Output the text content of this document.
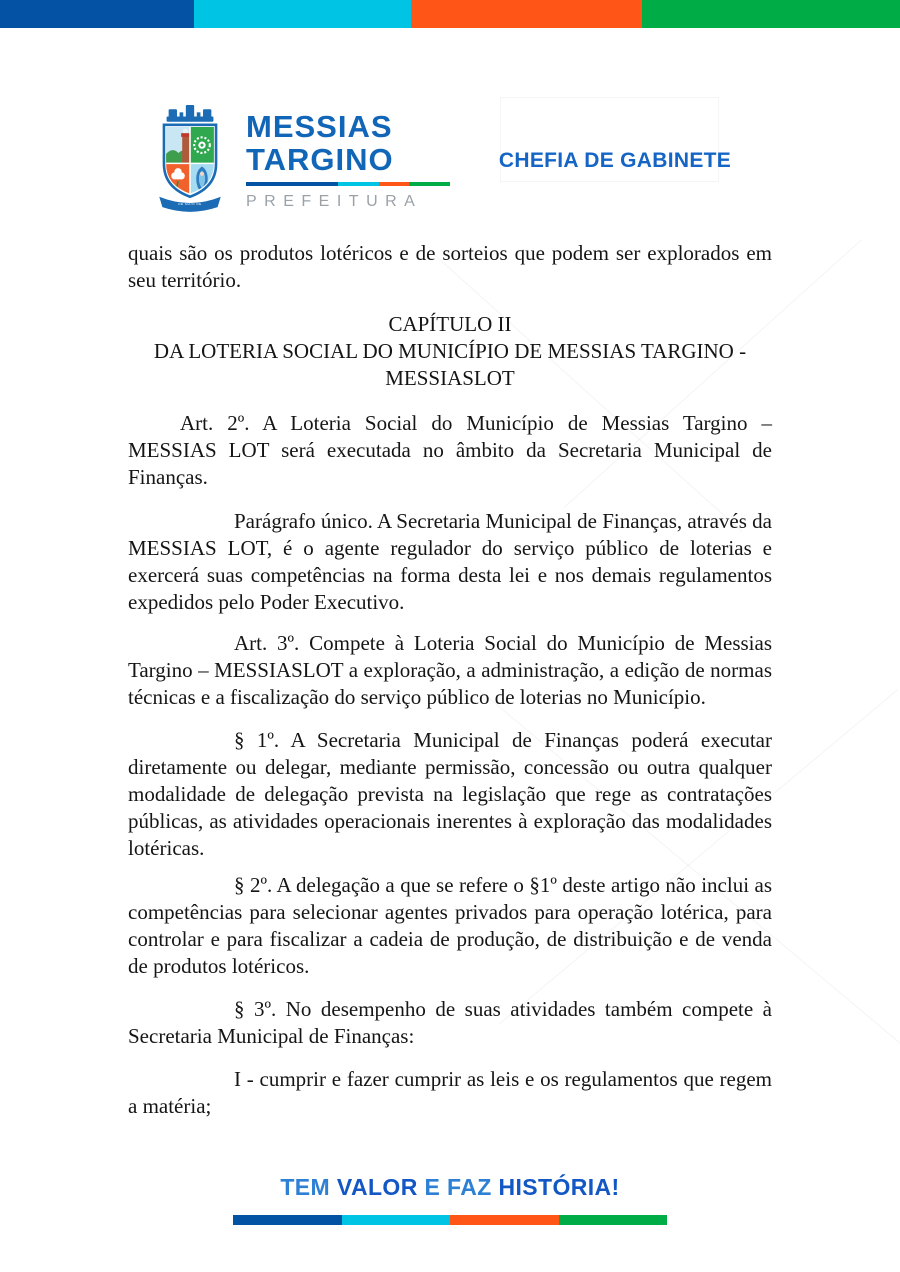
DE MAIO DE
MESSIAS
TARGINO
PREFEITURA
CHEFIA DE GABINETE

quais são os produtos lotéricos e de sorteios que podem ser explorados em seu território.

CAPÍTULO II
DA LOTERIA SOCIAL DO MUNICÍPIO DE MESSIAS TARGINO - MESSIASLOT

Art. 2º. A Loteria Social do Município de Messias Targino – MESSIAS LOT será executada no âmbito da Secretaria Municipal de Finanças.

Parágrafo único. A Secretaria Municipal de Finanças, através da MESSIAS LOT, é o agente regulador do serviço público de loterias e exercerá suas competências na forma desta lei e nos demais regulamentos expedidos pelo Poder Executivo.

Art. 3º. Compete à Loteria Social do Município de Messias Targino – MESSIASLOT a exploração, a administração, a edição de normas técnicas e a fiscalização do serviço público de loterias no Município.

§ 1º. A Secretaria Municipal de Finanças poderá executar diretamente ou delegar, mediante permissão, concessão ou outra qualquer modalidade de delegação prevista na legislação que rege as contratações públicas, as atividades operacionais inerentes à exploração das modalidades lotéricas.

§ 2º. A delegação a que se refere o §1º deste artigo não inclui as competências para selecionar agentes privados para operação lotérica, para controlar e para fiscalizar a cadeia de produção, de distribuição e de venda de produtos lotéricos.

§ 3º. No desempenho de suas atividades também compete à Secretaria Municipal de Finanças:

I - cumprir e fazer cumprir as leis e os regulamentos que regem a matéria;

TEM VALOR E FAZ HISTÓRIA!
